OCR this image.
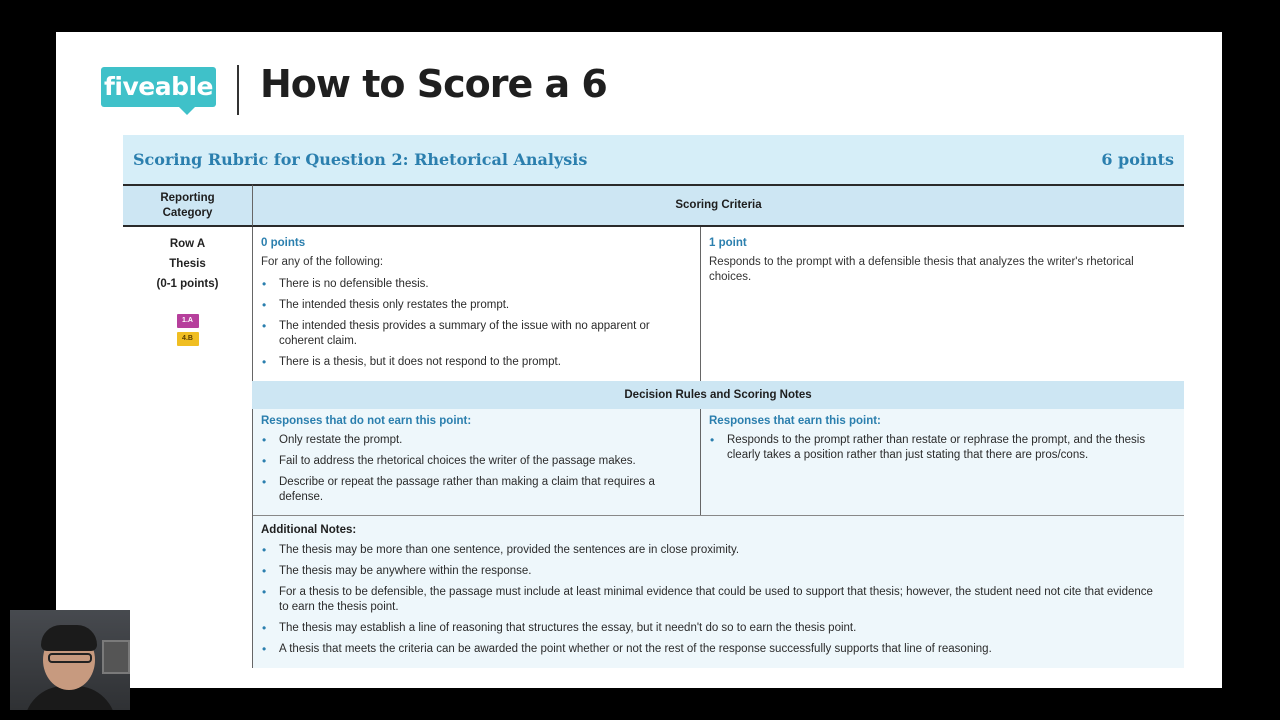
fiveable How to Score a 6
Scoring Rubric for Question 2: Rhetorical Analysis	6 points
Reporting Category
Scoring Criteria
Row A
Thesis
(0-1 points)
1.A
4.B
0 points
For any of the following:
• There is no defensible thesis.
• The intended thesis only restates the prompt.
• The intended thesis provides a summary of the issue with no apparent or coherent claim.
• There is a thesis, but it does not respond to the prompt.
1 point
Responds to the prompt with a defensible thesis that analyzes the writer's rhetorical choices.
Decision Rules and Scoring Notes
Responses that do not earn this point:
• Only restate the prompt.
• Fail to address the rhetorical choices the writer of the passage makes.
• Describe or repeat the passage rather than making a claim that requires a defense.
Responses that earn this point:
• Responds to the prompt rather than restate or rephrase the prompt, and the thesis clearly takes a position rather than just stating that there are pros/cons.
Additional Notes:
• The thesis may be more than one sentence, provided the sentences are in close proximity.
• The thesis may be anywhere within the response.
• For a thesis to be defensible, the passage must include at least minimal evidence that could be used to support that thesis; however, the student need not cite that evidence to earn the thesis point.
• The thesis may establish a line of reasoning that structures the essay, but it needn't do so to earn the thesis point.
• A thesis that meets the criteria can be awarded the point whether or not the rest of the response successfully supports that line of reasoning.
